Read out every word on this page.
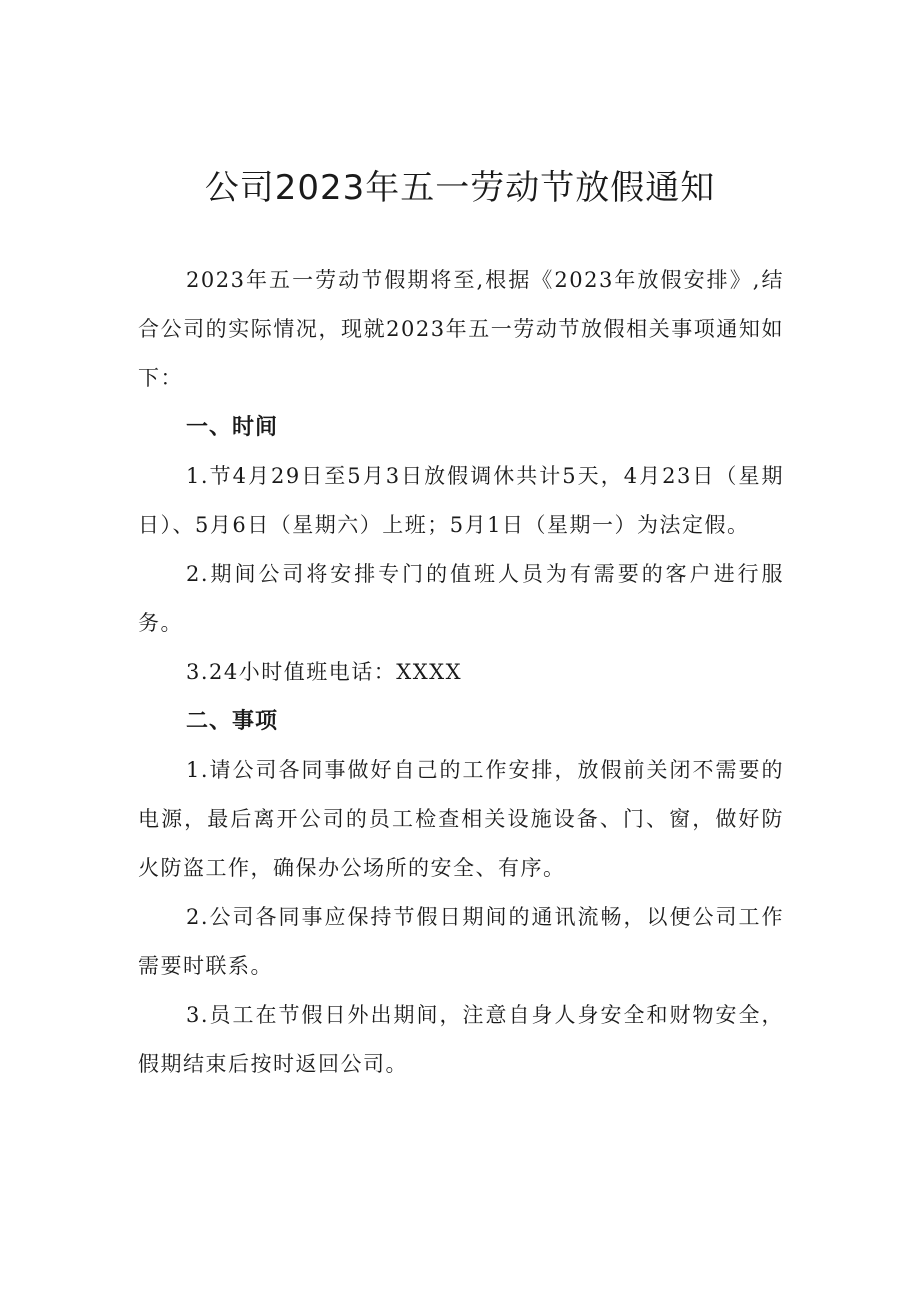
公司2023年五一劳动节放假通知

2023年五一劳动节假期将至,根据《2023年放假安排》,结合公司的实际情况，现就2023年五一劳动节放假相关事项通知如下：

一、时间

1.节4月29日至5月3日放假调休共计5天，4月23日（星期日）、5月6日（星期六）上班；5月1日（星期一）为法定假。

2.期间公司将安排专门的值班人员为有需要的客户进行服务。

3.24小时值班电话：XXXX

二、事项

1.请公司各同事做好自己的工作安排，放假前关闭不需要的电源，最后离开公司的员工检查相关设施设备、门、窗，做好防火防盗工作，确保办公场所的安全、有序。

2.公司各同事应保持节假日期间的通讯流畅，以便公司工作需要时联系。

3.员工在节假日外出期间，注意自身人身安全和财物安全，假期结束后按时返回公司。
